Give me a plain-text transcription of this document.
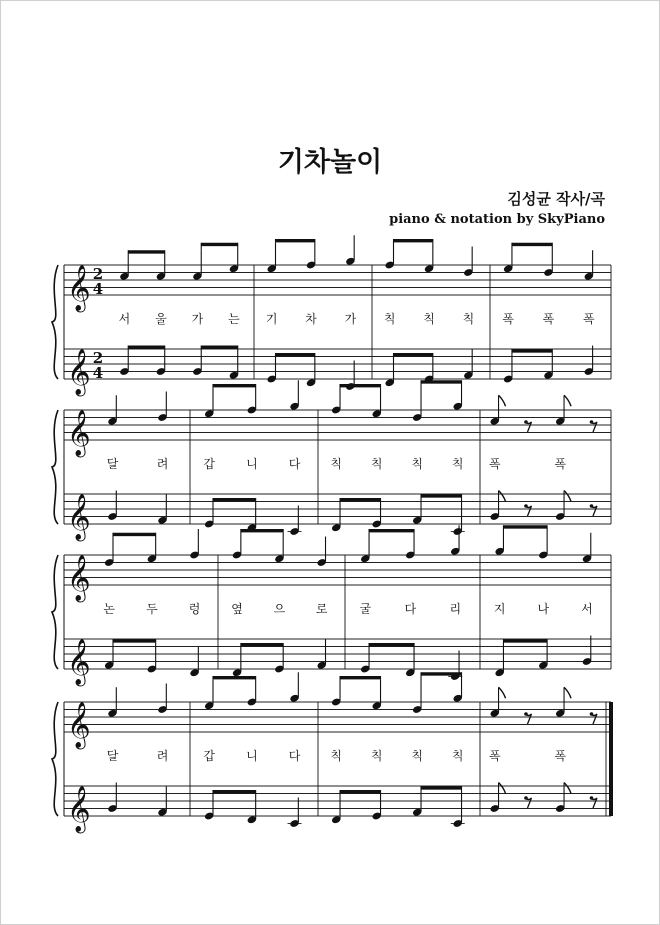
기차놀이
김성균 작사/곡
piano & notation by SkyPiano
𝄞
𝄞
2
4
2
4
서 울 가 는 기 차 가 칙 칙 칙 폭 폭 폭
𝄞
𝄞
달	려	갑	니	다	칙 칙 칙 칙 폭	폭
𝄞
𝄞
논	두	렁	옆	으	로	굴	다	리	지	나	서
𝄞
𝄞
달	려	갑	니	다	칙 칙 칙 칙 폭	폭
